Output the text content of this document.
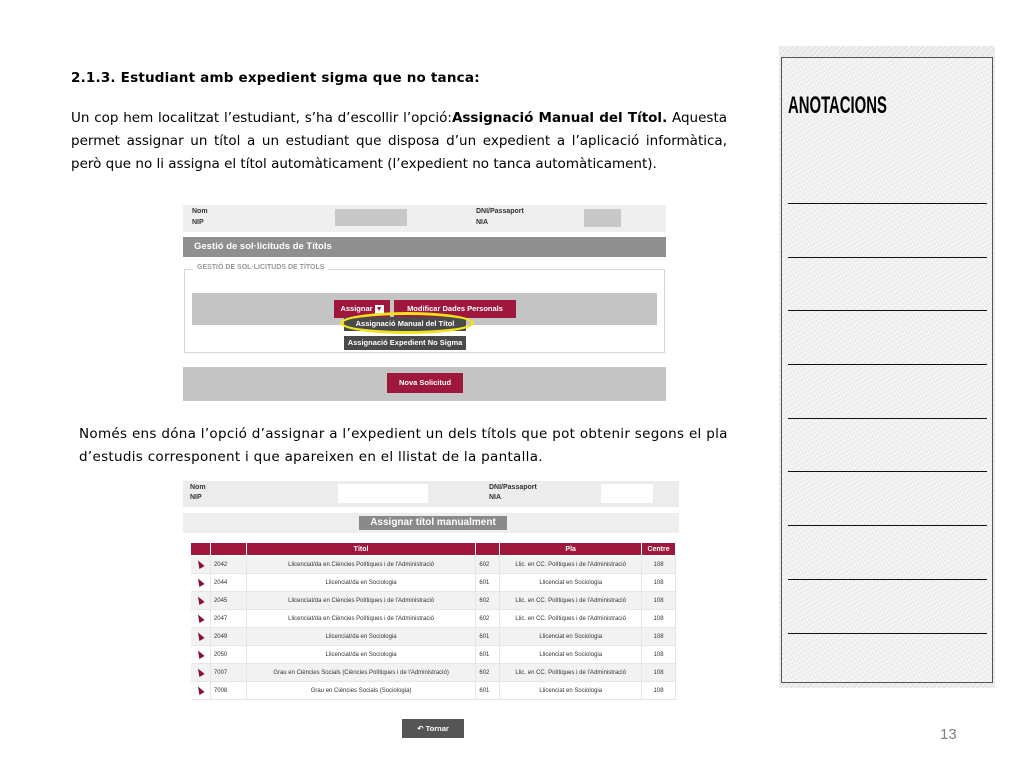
2.1.3. Estudiant amb expedient sigma que no tanca:
Un cop hem localitzat l’estudiant, s’ha d’escollir l’opció:Assignació Manual del Títol. Aquesta permet assignar un títol a un estudiant que disposa d’un expedient a l’aplicació informàtica, però que no li assigna el títol automàticament (l’expedient no tanca automàticament).
Nom
NIP
DNI/Passaport
NIA
Gestió de sol·licituds de Títols
GESTIÓ DE SOL·LICITUDS DE TÍTOLS
Assignar ▼	Modificar Dades Personals
Assignació Manual del Títol
Assignació Expedient No Sigma
Nova Solicitud
Només ens dóna l’opció d’assignar a l’expedient un dels títols que pot obtenir segons el pla d’estudis corresponent i que apareixen en el llistat de la pantalla.
Nom
NIP
DNI/Passaport
NIA
Assignar títol manualment
		Títol		Pla	Centre
	2042	Llicenciat/da en Ciències Polítiques i de l'Administració	602	Llic. en CC. Polítiques i de l'Administració	108
	2044	Llicenciat/da en Sociologia	601	Llicenciat en Sociologia	108
	2045	Llicenciat/da en Ciències Polítiques i de l'Administració	602	Llic. en CC. Polítiques i de l'Administració	108
	2047	Llicenciat/da en Ciències Polítiques i de l'Administració	602	Llic. en CC. Polítiques i de l'Administració	108
	2049	Llicenciat/da en Sociologia	601	Llicenciat en Sociologia	108
	2050	Llicenciat/da en Sociologia	601	Llicenciat en Sociologia	108
	7007	Grau en Ciències Socials (Ciències Polítiques i de l'Administració)	602	Llic. en CC. Polítiques i de l'Administració	108
	7008	Grau en Ciències Socials (Sociologia)	601	Llicenciat en Sociologia	108
↶ Tornar	13
ANOTACIONS
